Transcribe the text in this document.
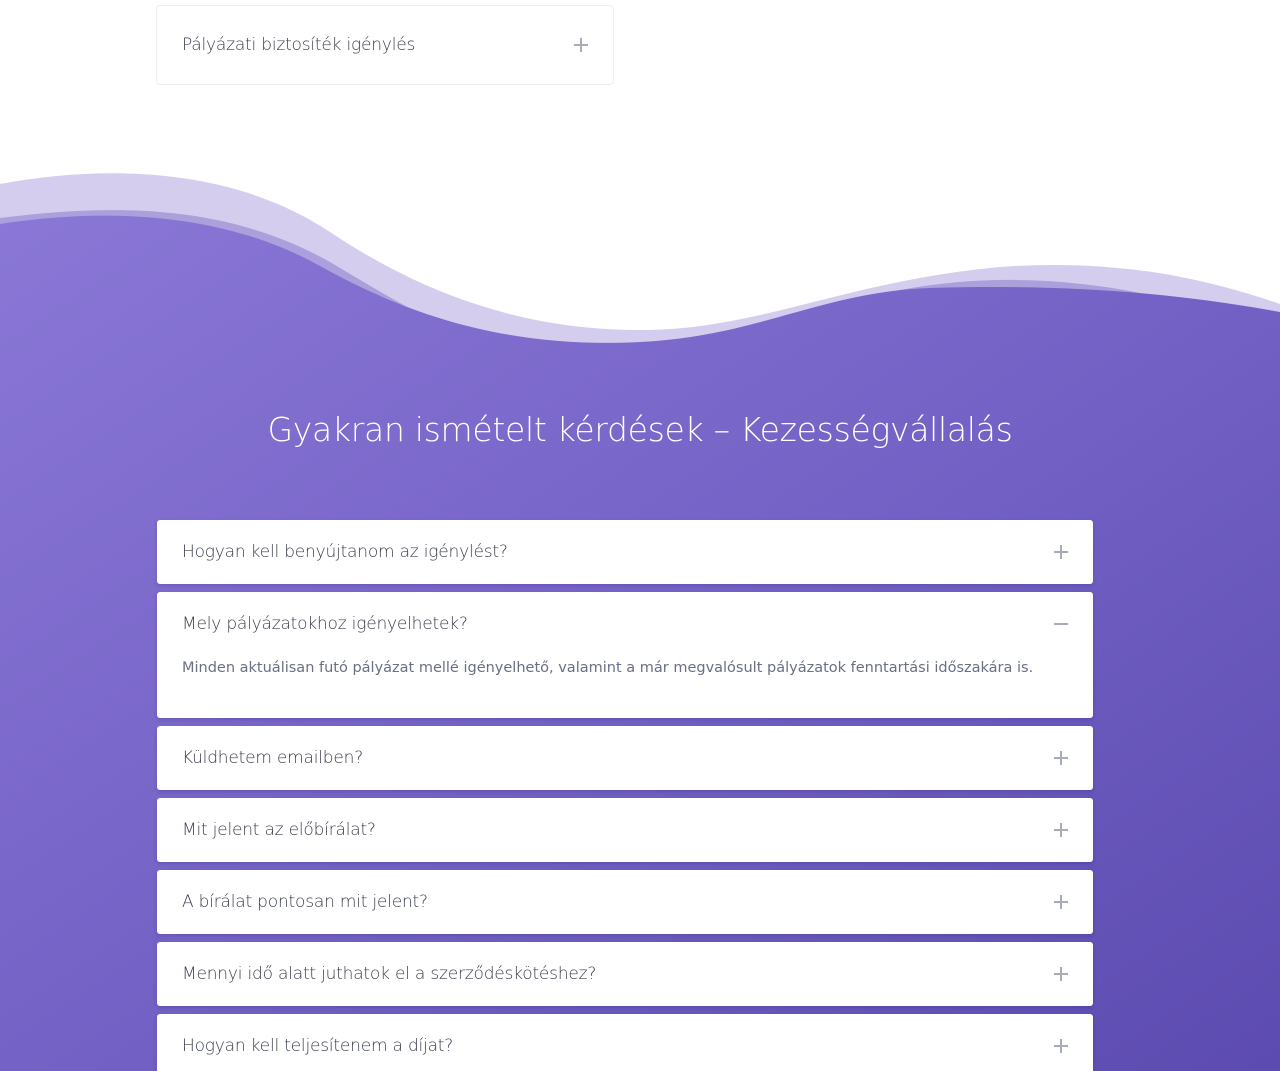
Pályázati biztosíték igénylés
Gyakran ismételt kérdések – Kezességvállalás
Hogyan kell benyújtanom az igénylést?
Mely pályázatokhoz igényelhetek?

Minden aktuálisan futó pályázat mellé igényelhető, valamint a már megvalósult pályázatok fenntartási időszakára is.

Küldhetem emailben?
Mit jelent az előbírálat?
A bírálat pontosan mit jelent?
Mennyi idő alatt juthatok el a szerződéskötéshez?
Hogyan kell teljesítenem a díjat?
